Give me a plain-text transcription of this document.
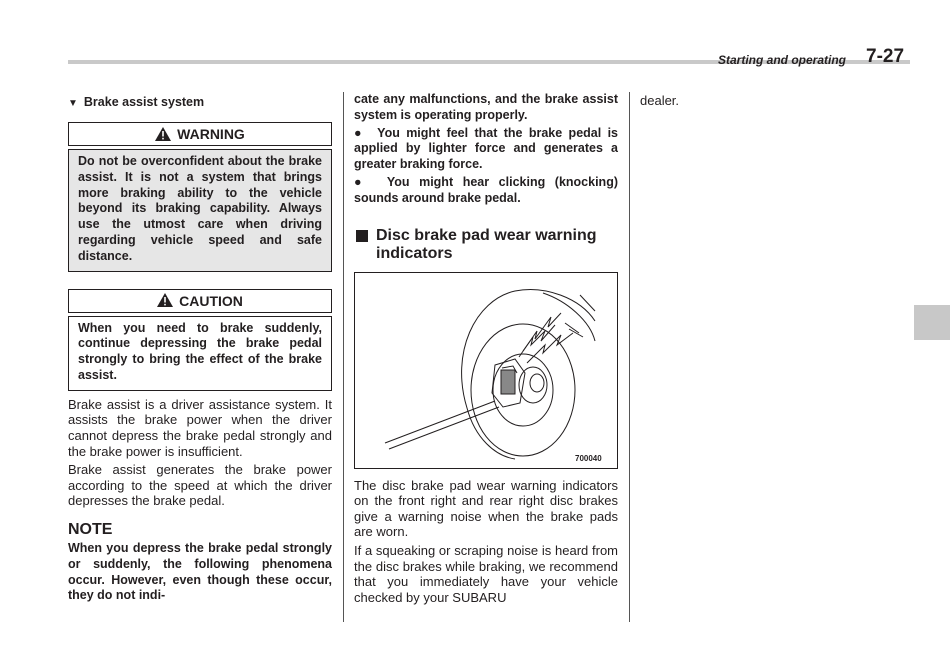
Starting and operating 7-27

▼ Brake assist system

WARNING
Do not be overconfident about the brake assist. It is not a system that brings more braking ability to the vehicle beyond its braking capability. Always use the utmost care when driving regarding vehicle speed and safe distance.
CAUTION
When you need to brake suddenly, continue depressing the brake pedal strongly to bring the effect of the brake assist.

Brake assist is a driver assistance system. It assists the brake power when the driver cannot depress the brake pedal strongly and the brake power is insufficient.

Brake assist generates the brake power according to the speed at which the driver depresses the brake pedal.

NOTE

When you depress the brake pedal strongly or suddenly, the following phenomena occur. However, even though these occur, they do not indi-

cate any malfunctions, and the brake assist system is operating properly.

●  You might feel that the brake pedal is applied by lighter force and generates a greater braking force.

●  You might hear clicking (knocking) sounds around brake pedal.

Disc brake pad wear warning indicators

700040

The disc brake pad wear warning indicators on the front right and rear right disc brakes give a warning noise when the brake pads are worn.

If a squeaking or scraping noise is heard from the disc brakes while braking, we recommend that you immediately have your vehicle checked by your SUBARU

dealer.
